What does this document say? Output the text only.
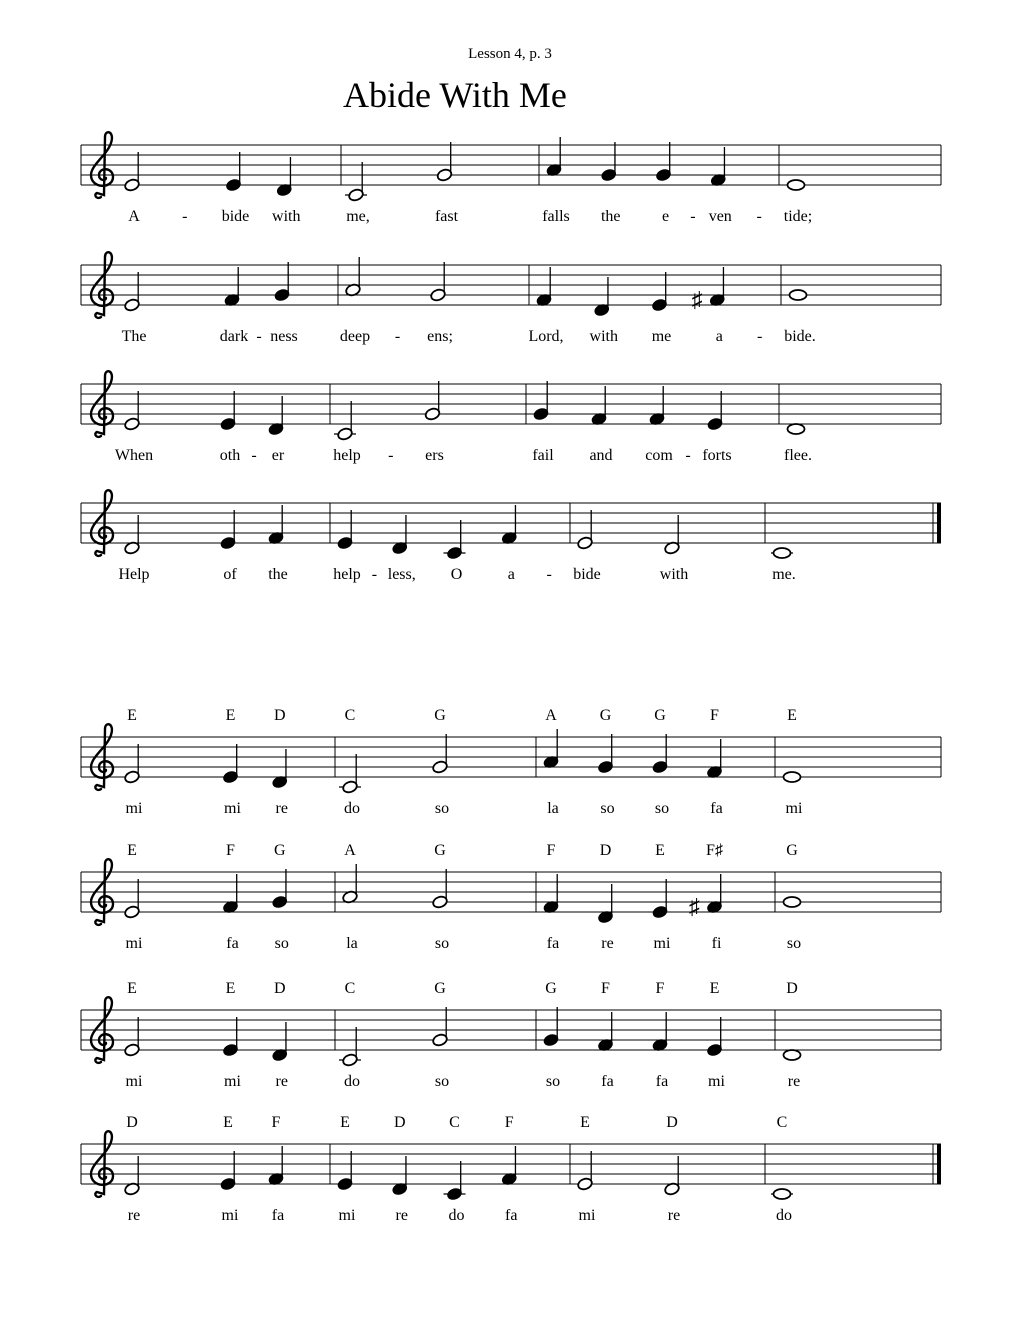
Lesson 4, p. 3
Abide With Me
A	- bide with	me,	fast	falls the	e - ven - tide;
♯
The	dark - ness	deep - ens;	Lord, with me	a - bide.
When	oth - er	help - ers	fail and com - forts	flee.
Help	of the	help - less, O	a - bide	with	me.
E	E D	C	G	A	G	G	F	E
mi	mi re	do	so	la	so	so	fa	mi
♯
E	F G	A	G	F	D	E	F♯	G
mi	fa so	la	so	fa	re mi	fi	so
E	E D	C	G	G	F	F	E	D
mi	mi re	do	so	so	fa	fa mi	re
D	E F	E	D	C	F	E	D	C
re	mi fa	mi	re	do	fa	mi	re	do
